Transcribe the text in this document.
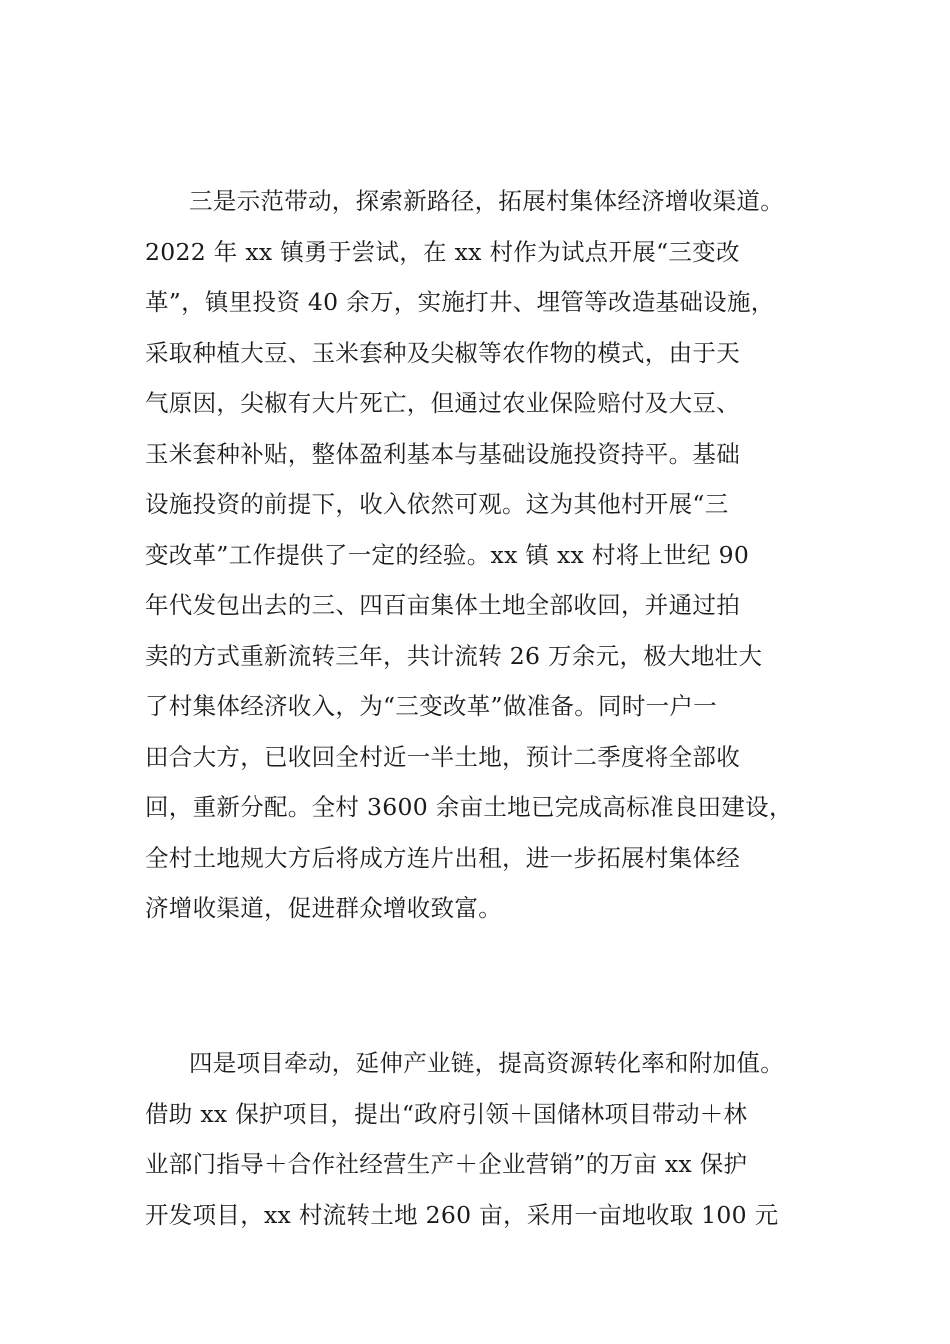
三是示范带动，探索新路径，拓展村集体经济增收渠道。
2022 年 xx 镇勇于尝试，在 xx 村作为试点开展“三变改
革”，镇里投资 40 余万，实施打井、埋管等改造基础设施，
采取种植大豆、玉米套种及尖椒等农作物的模式，由于天
气原因，尖椒有大片死亡，但通过农业保险赔付及大豆、
玉米套种补贴，整体盈利基本与基础设施投资持平。基础
设施投资的前提下，收入依然可观。这为其他村开展“三
变改革”工作提供了一定的经验。xx 镇 xx 村将上世纪 90
年代发包出去的三、四百亩集体土地全部收回，并通过拍
卖的方式重新流转三年，共计流转 26 万余元，极大地壮大
了村集体经济收入，为“三变改革”做准备。同时一户一
田合大方，已收回全村近一半土地，预计二季度将全部收
回，重新分配。全村 3600 余亩土地已完成高标准良田建设，
全村土地规大方后将成方连片出租，进一步拓展村集体经
济增收渠道，促进群众增收致富。
四是项目牵动，延伸产业链，提高资源转化率和附加值。
借助 xx 保护项目，提出“政府引领＋国储林项目带动＋林
业部门指导＋合作社经营生产＋企业营销”的万亩 xx 保护
开发项目，xx 村流转土地 260 亩，采用一亩地收取 100 元
